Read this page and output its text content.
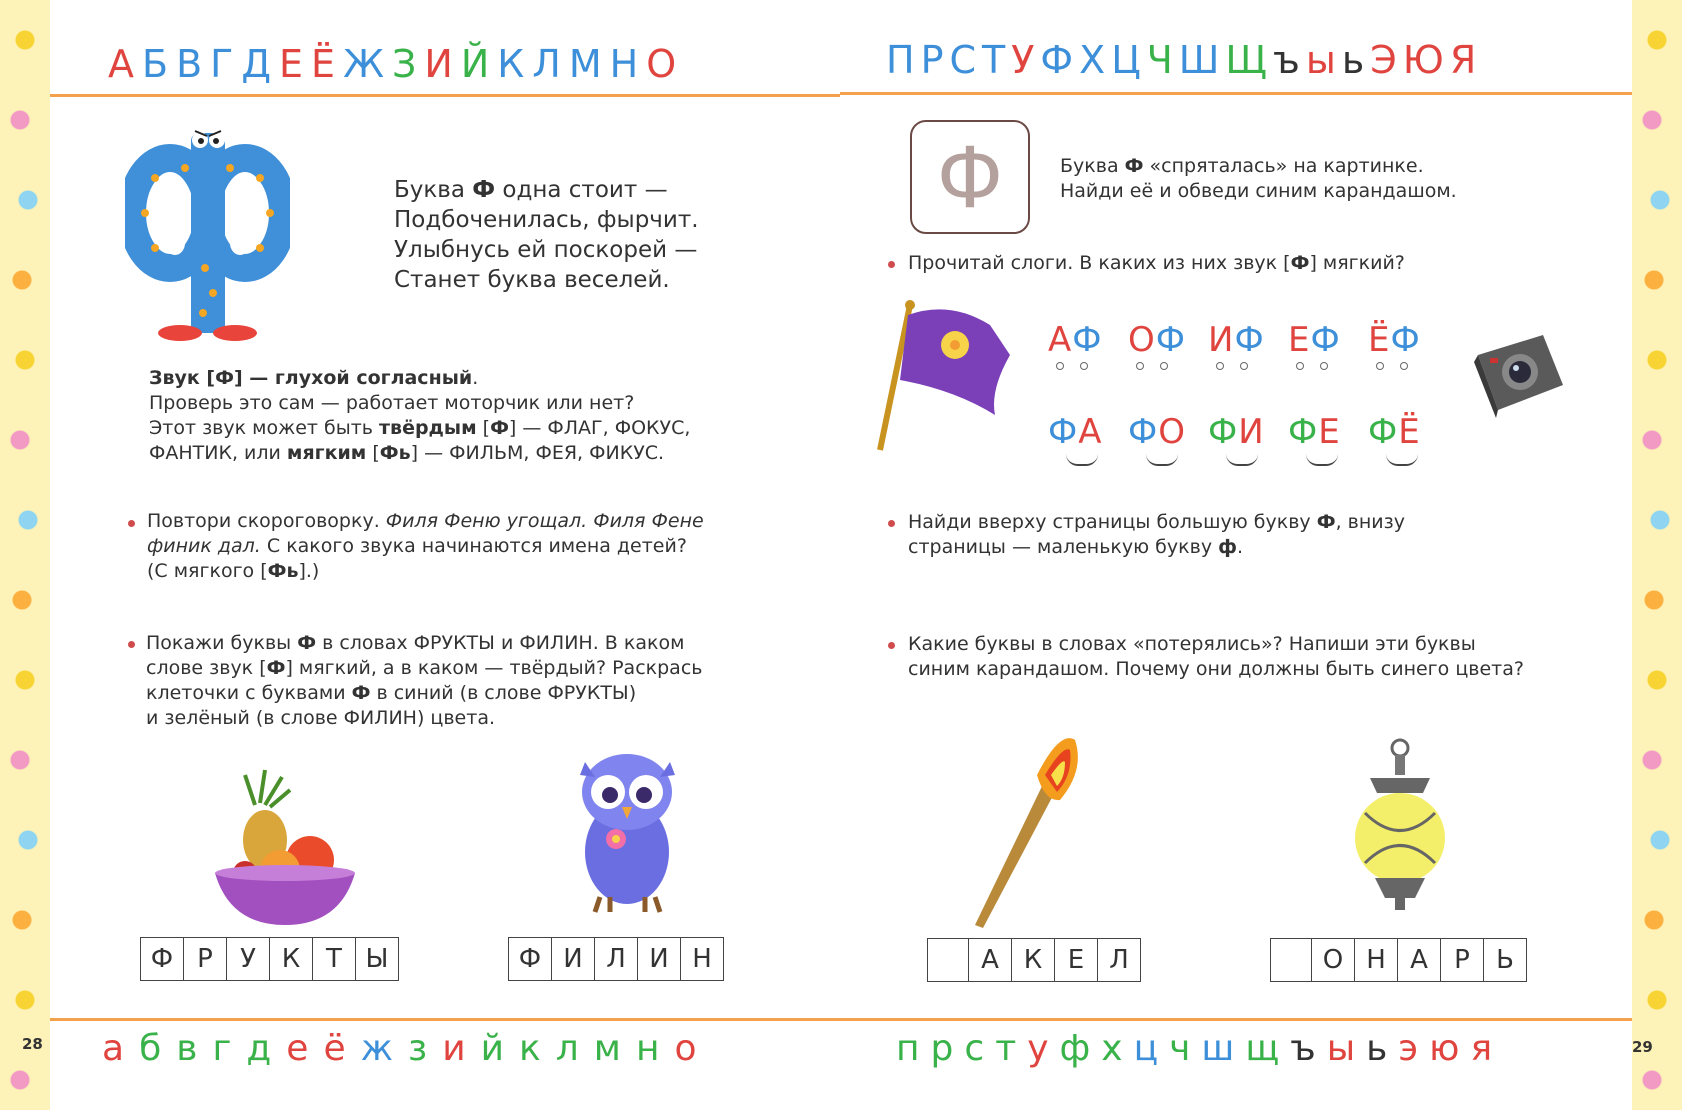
А Б В Г Д Е Ё Ж З И Й К Л М Н О	П Р С Т У Ф Х Ц Ч Ш Щ ъ ы ь Э Ю Я
а б в г д е ё ж з и й к л м н о	п р с т у ф х ц ч ш щ ъ ы ь э ю я
28	29
Буква Ф одна стоит —
Подбоченилась, фырчит.
Улыбнусь ей поскорей —
Станет буква веселей.
Звук [Ф] — глухой согласный.
Проверь это сам — работает моторчик или нет?
Этот звук может быть твёрдым [Ф] — ФЛАГ, ФОКУС,
ФАНТИК, или мягким [Фь] — ФИЛЬМ, ФЕЯ, ФИКУС.
Повтори скороговорку. Филя Феню угощал. Филя Фене
финик дал. С какого звука начинаются имена детей?
(С мягкого [Фь].)
Покажи буквы Ф в словах ФРУКТЫ и ФИЛИН. В каком
слове звук [Ф] мягкий, а в каком — твёрдый? Раскрась
клеточки с буквами Ф в синий (в слове ФРУКТЫ)
и зелёный (в слове ФИЛИН) цвета.
Ф Р	У К Т Ы	Ф И Л И Н
Ф	Буква Ф «спряталась» на картинке.
Найди её и обведи синим карандашом.
Прочитай слоги. В каких из них звук [Ф] мягкий?
АФ ОФ ИФ ЕФ ЁФ
ФА ФО ФИ ФЕ ФЁ
Найди вверху страницы большую букву Ф, внизу
страницы — маленькую букву ф.
Какие буквы в словах «потерялись»? Напиши эти буквы
синим карандашом. Почему они должны быть синего цвета?
А К Е Л	О Н А	Р	Ь
